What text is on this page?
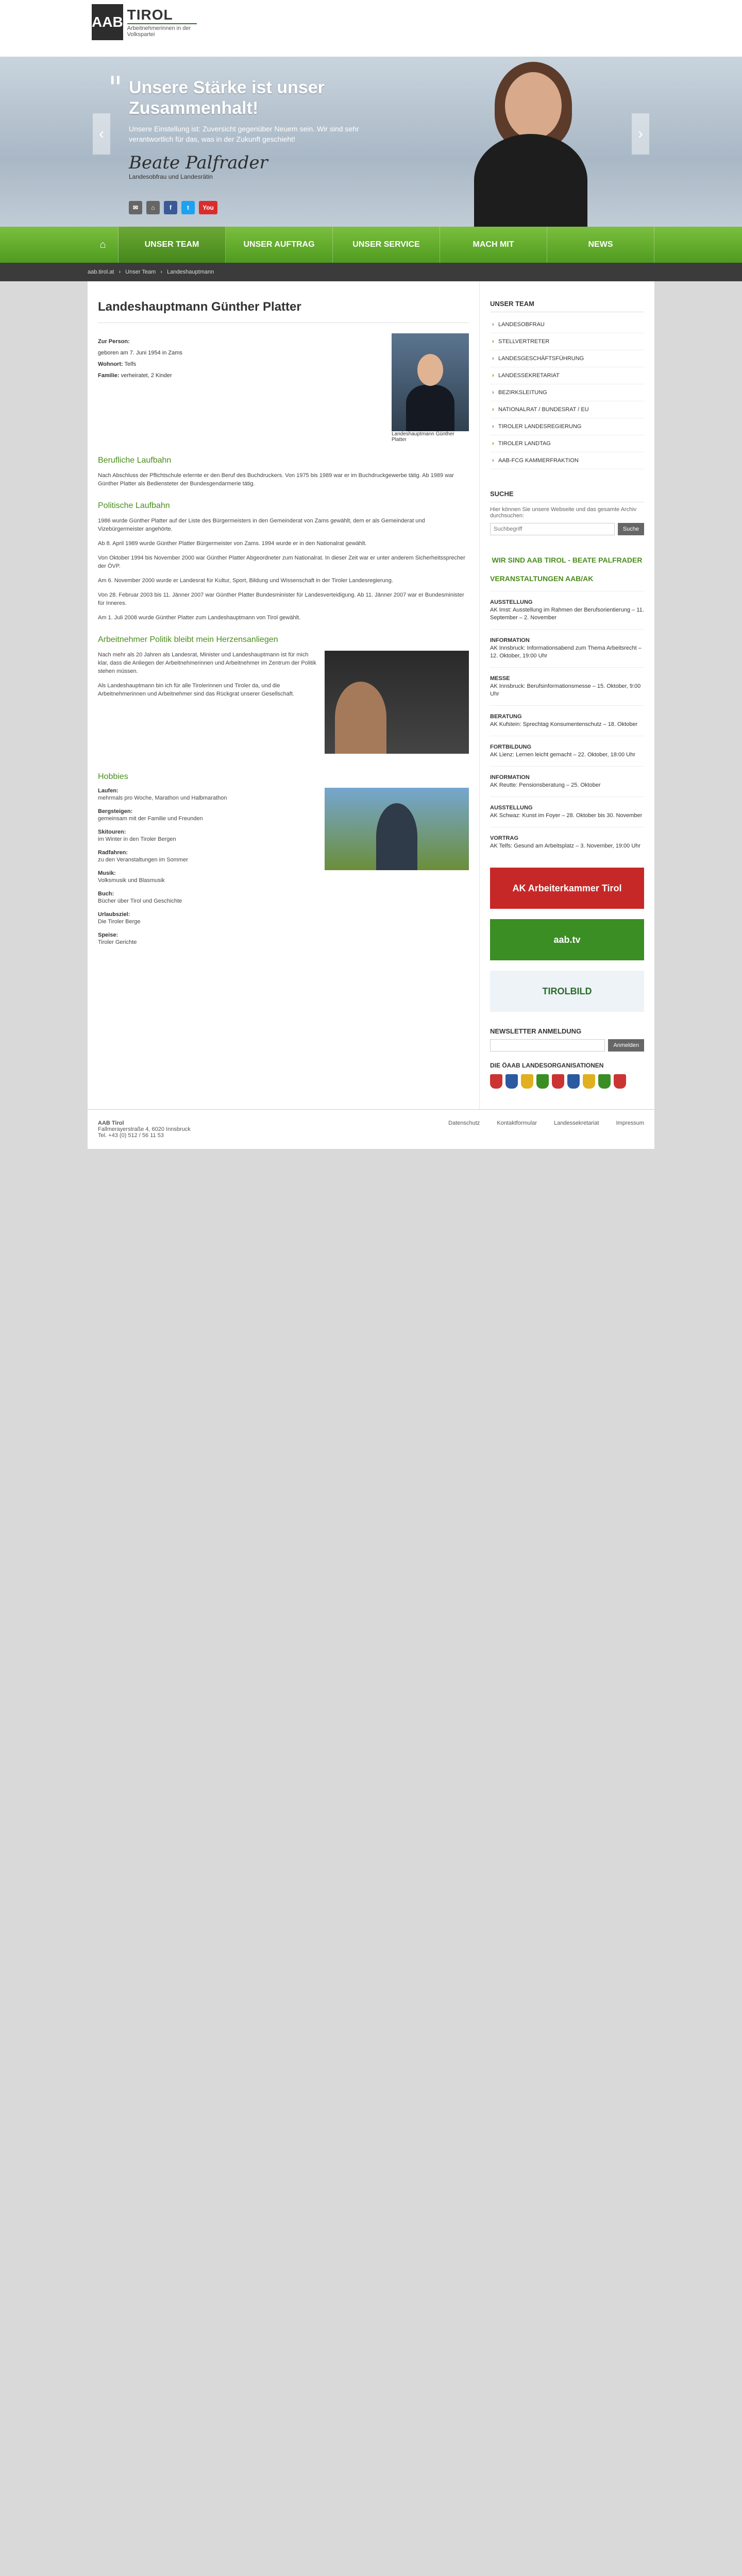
AAB TIROL
Arbeitnehmerinnen in der Volkspartei
‹
" Unsere Stärke ist unser Zusammenhalt!

Unsere Einstellung ist: Zuversicht gegenüber Neuem sein. Wir sind sehr verantwortlich für das, was in der Zukunft geschieht!

Beate Palfrader
Landesobfrau und Landesrätin
✉	⌂	f	t	You
›
⌂	UNSER TEAM	UNSER AUFTRAG	UNSER SERVICE	MACH MIT	NEWS
aab.tirol.at › Unser Team › Landeshauptmann
Landeshauptmann Günther Platter

Zur Person:

geboren am 7. Juni 1954 in Zams

Wohnort: Telfs

Familie: verheiratet, 2 Kinder

Landeshauptmann Günther Platter
Berufliche Laufbahn

Nach Abschluss der Pflichtschule erlernte er den Beruf des Buchdruckers. Von 1975 bis 1989 war er im Buchdruckgewerbe tätig. Ab 1989 war Günther Platter als Bediensteter der Bundesgendarmerie tätig.

Politische Laufbahn

1986 wurde Günther Platter auf der Liste des Bürgermeisters in den Gemeinderat von Zams gewählt, dem er als Gemeinderat und Vizebürgermeister angehörte.

Ab 8. April 1989 wurde Günther Platter Bürgermeister von Zams. 1994 wurde er in den Nationalrat gewählt.

Von Oktober 1994 bis November 2000 war Günther Platter Abgeordneter zum Nationalrat. In dieser Zeit war er unter anderem Sicherheitssprecher der ÖVP.

Am 6. November 2000 wurde er Landesrat für Kultur, Sport, Bildung und Wissenschaft in der Tiroler Landesregierung.

Von 28. Februar 2003 bis 11. Jänner 2007 war Günther Platter Bundesminister für Landesverteidigung. Ab 11. Jänner 2007 war er Bundesminister für Inneres.

Am 1. Juli 2008 wurde Günther Platter zum Landeshauptmann von Tirol gewählt.

Arbeitnehmer Politik bleibt mein Herzensanliegen

Nach mehr als 20 Jahren als Landesrat, Minister und Landeshauptmann ist für mich klar, dass die Anliegen der Arbeitnehmerinnen und Arbeitnehmer im Zentrum der Politik stehen müssen.

Als Landeshauptmann bin ich für alle Tirolerinnen und Tiroler da, und die Arbeitnehmerinnen und Arbeitnehmer sind das Rückgrat unserer Gesellschaft.

Hobbies
Laufen:
mehrmals pro Woche, Marathon und Halbmarathon
Bergsteigen:
gemeinsam mit der Familie und Freunden
Skitouren:
im Winter in den Tiroler Bergen
Radfahren:
zu den Veranstaltungen im Sommer
Musik:
Volksmusik und Blasmusik
Buch:
Bücher über Tirol und Geschichte
Urlaubsziel:
Die Tiroler Berge
Speise:
Tiroler Gerichte
UNSER TEAM
› LANDESOBFRAU
› STELLVERTRETER
› LANDESGESCHÄFTSFÜHRUNG
› LANDESSEKRETARIAT
› BEZIRKSLEITUNG
› NATIONALRAT / BUNDESRAT / EU
› TIROLER LANDESREGIERUNG
› TIROLER LANDTAG
› AAB-FCG KAMMERFRAKTION
SUCHE

Hier können Sie unsere Webseite und das gesamte Archiv durchsuchen:

Suchbegriff
Suche
WIR SIND AAB TIROL - BEATE PALFRADER
VERANSTALTUNGEN AAB/AK
AUSSTELLUNG
AK Imst: Ausstellung im Rahmen der Berufsorientierung – 11. September – 2. November
INFORMATION
AK Innsbruck: Informationsabend zum Thema Arbeitsrecht – 12. Oktober, 19:00 Uhr
MESSE
AK Innsbruck: Berufsinformationsmesse – 15. Oktober, 9:00 Uhr
BERATUNG
AK Kufstein: Sprechtag Konsumentenschutz – 18. Oktober
FORTBILDUNG
AK Lienz: Lernen leicht gemacht – 22. Oktober, 18:00 Uhr
INFORMATION
AK Reutte: Pensionsberatung – 25. Oktober
AUSSTELLUNG
AK Schwaz: Kunst im Foyer – 28. Oktober bis 30. November
VORTRAG
AK Telfs: Gesund am Arbeitsplatz – 3. November, 19:00 Uhr
AK Arbeiterkammer Tirol
aab.tv
TIROLBILD
NEWSLETTER ANMELDUNG
Anmelden
DIE ÖAAB LANDESORGANISATIONEN
AAB Tirol
Fallmerayerstraße 4, 6020 Innsbruck
Tel. +43 (0) 512 / 56 11 53
Datenschutz	Kontaktformular	Landessekretariat	Impressum
